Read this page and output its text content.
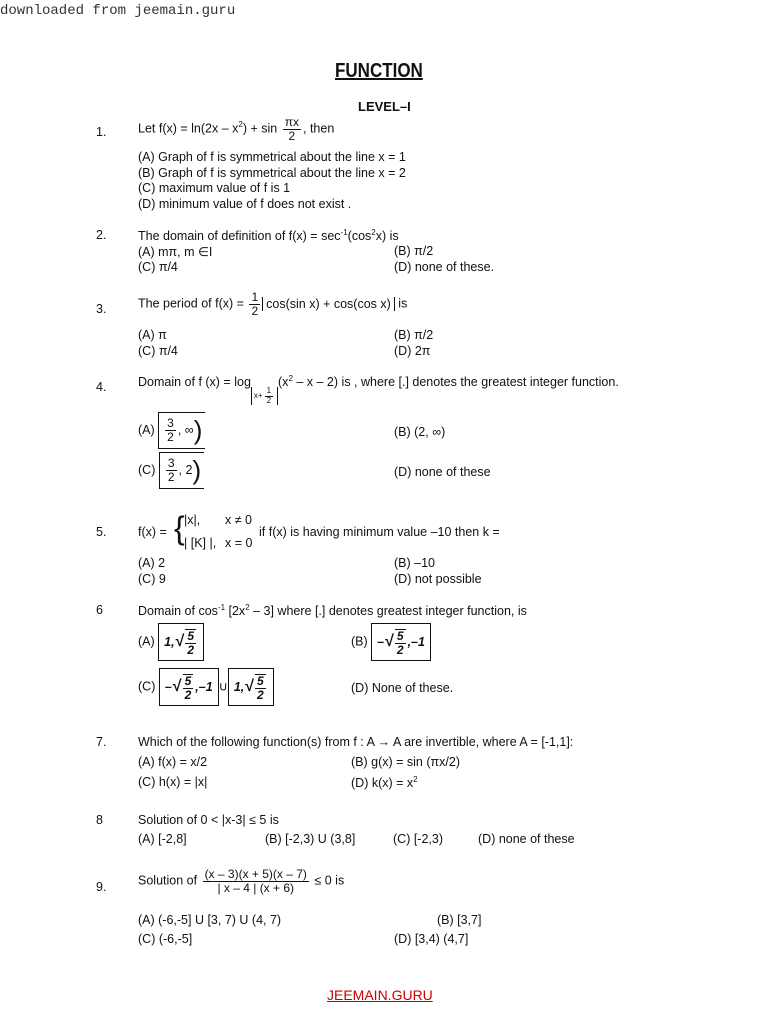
downloaded from jeemain.guru
FUNCTION
LEVEL–I
1.	Let $f(x) = \ln(2x - x^2) + \sin \frac{\pi x}{2}$ , then
(A) Graph of f is symmetrical about the line x = 1
(B) Graph of f is symmetrical about the line x = 2
(C) maximum value of f is 1
(D) minimum value of f does not exist .
2.	The domain of definition of $f(x) = \sec^{-1}(\cos^2x)$ is
(A) mπ, m ∈I	(B) π/2
(C) π/4	(D) none of these.
3.	The period of $f(x) = \frac{1}{2} \cos(\sin$ x) + cos(cos x) is
(A) π	(B) π/2
(C) π/4	(D) 2π
4.	Domain of f $(x) = \log x+ \frac{1}{2}$
($x^2$ – x – 2) is , where [.] denotes the greatest integer function.
$(A) \frac{3}{2}$ , ∞)	(B) (2, ∞)
$(C) \frac{3}{2}$ , 2)	(D) none of these
5.	f(x) = { |x|, x ≠ 0
| [K] |, x = 0
if f(x) is having minimum value –10 then k =
(A) 2	(B) –10
(C) 9	(D) not possible
6	Domain of $\cos^{-1} [2x^2 - 3]$ where [.] denotes greatest integer function, is
(A) $1,√ \frac{5}{2}$	(B) –√ $\frac{5}{2} ,-1$
(C) –√ $\frac{5}{2} ,-1$ ∪ $1,√ \frac{5}{2}$	(D) None of these.
7.	Which of the following function(s) from f : A → A are invertible, where A = [-1,1]:
(A) f(x) = x/2	(B) g(x) = sin (πx/2)
(C) h(x) = |x|	(D) $k(x) = x^2$
8	Solution of 0 < |x-3| ≤ 5 is
(A) [-2,8]	(B) [-2,3) U (3,8]	(C) [-2,3)	(D) none of these
9.	Solution of $\frac{(x - 3)(x + 5)(x - 7)}{| x - 4 | (x + 6)} \le 0$ is
(A) (-6,-5] U [3, 7) U (4, 7)	(B) [3,7]
(C) (-6,-5]	(D) [3,4) (4,7]
JEEMAIN.GURU
